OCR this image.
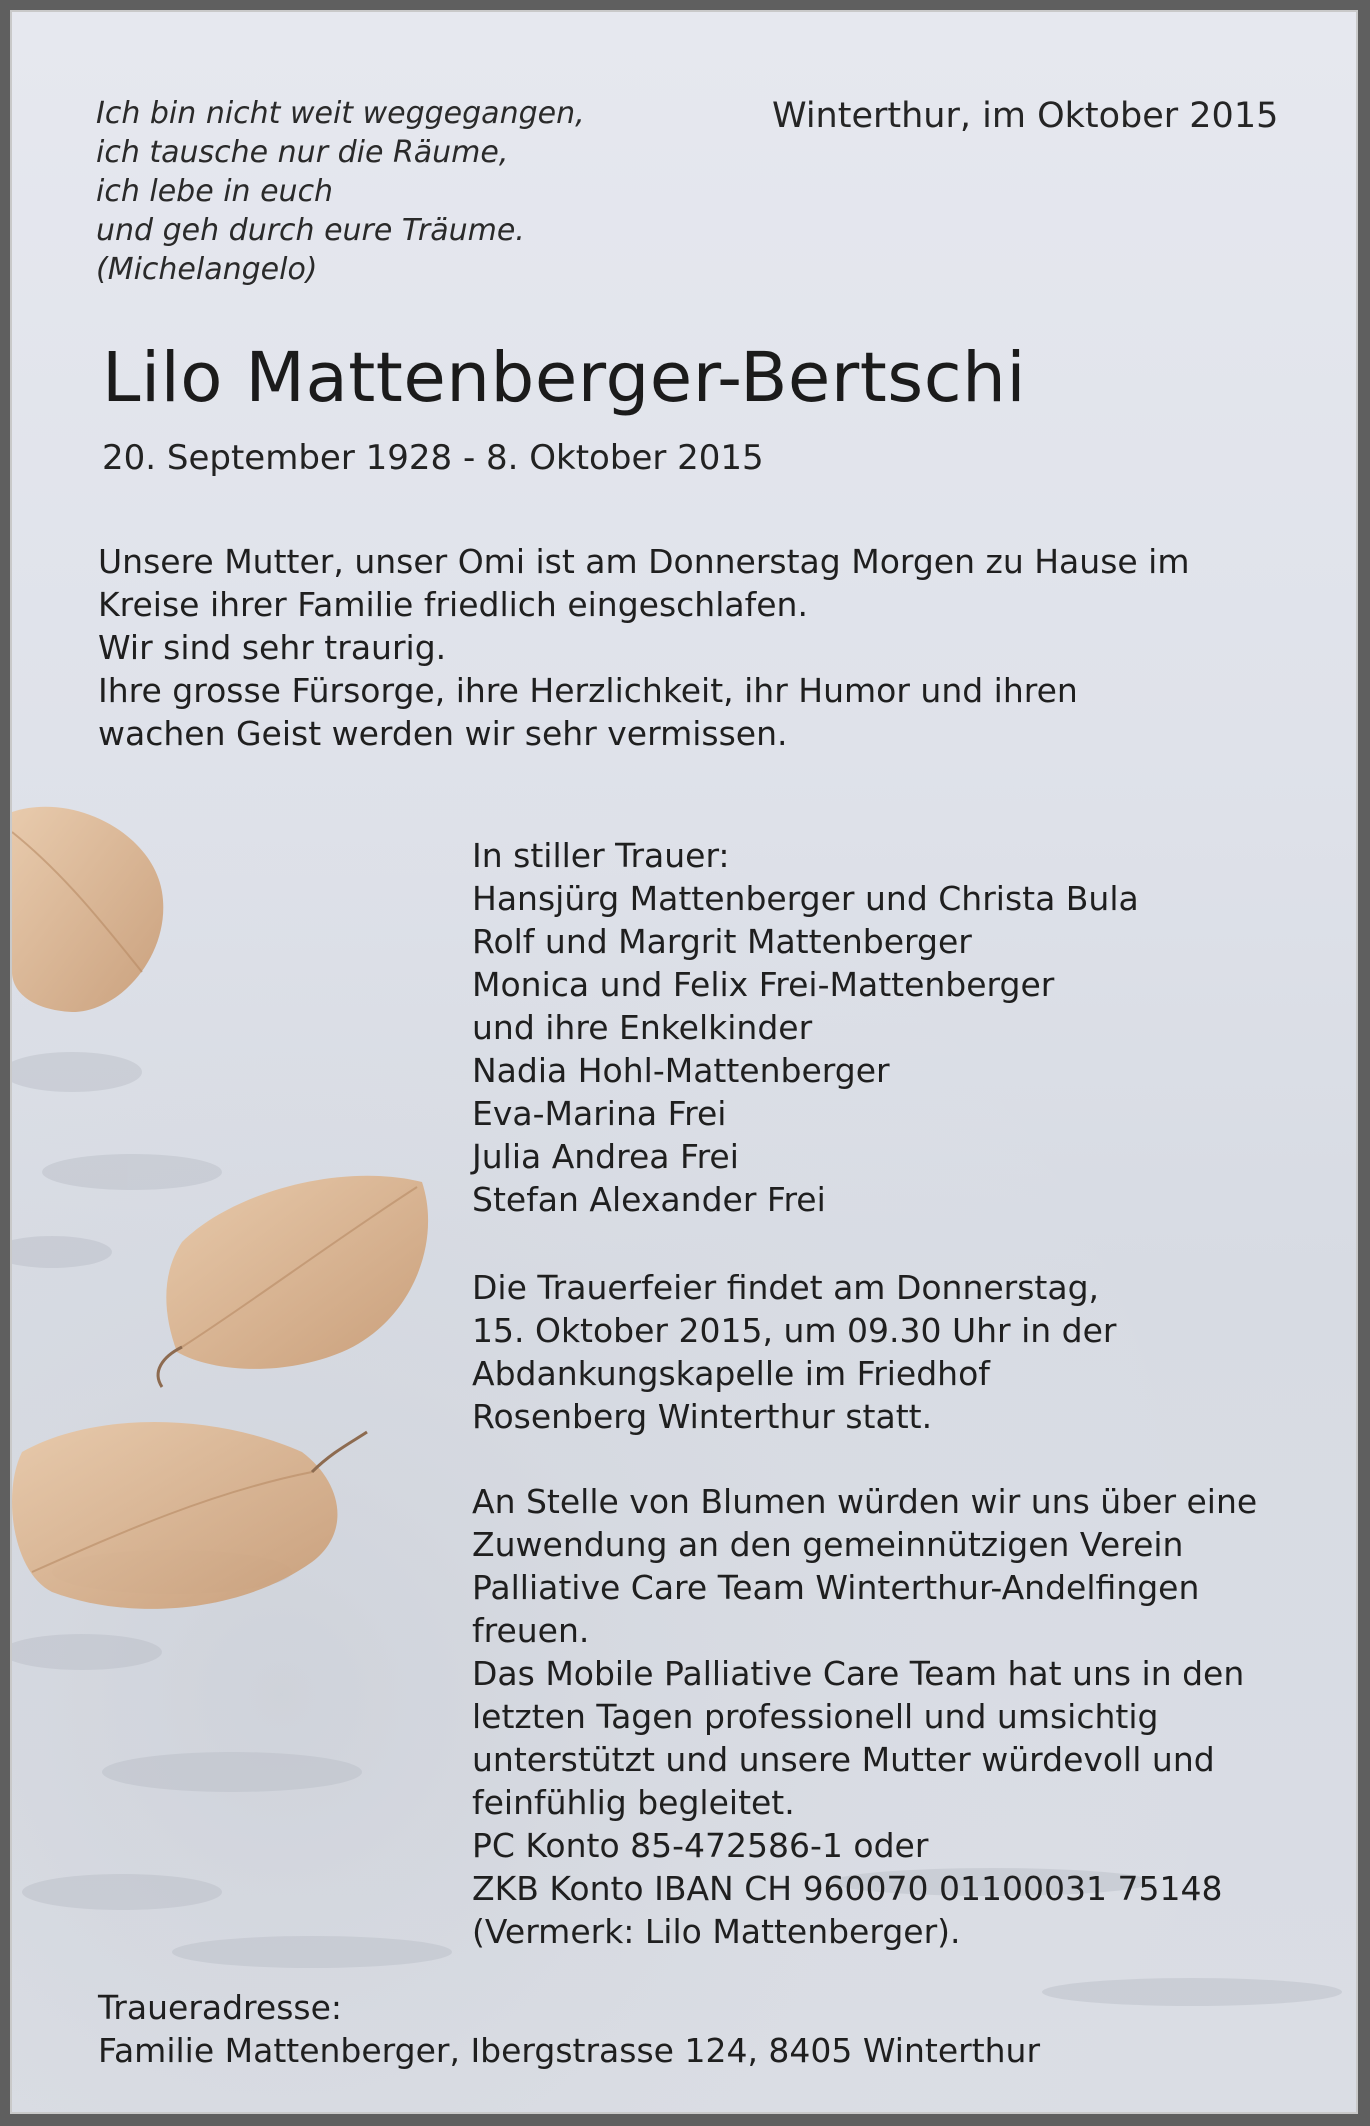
Ich bin nicht weit weggegangen,
ich tausche nur die Räume,
ich lebe in euch
und geh durch eure Träume.
(Michelangelo)
Winterthur, im Oktober 2015
Lilo Mattenberger-Bertschi
20. September 1928 - 8. Oktober 2015
Unsere Mutter, unser Omi ist am Donnerstag Morgen zu Hause im
Kreise ihrer Familie friedlich eingeschlafen.
Wir sind sehr traurig.
Ihre grosse Fürsorge, ihre Herzlichkeit, ihr Humor und ihren
wachen Geist werden wir sehr vermissen.
In stiller Trauer:
Hansjürg Mattenberger und Christa Bula
Rolf und Margrit Mattenberger
Monica und Felix Frei-Mattenberger
und ihre Enkelkinder
Nadia Hohl-Mattenberger
Eva-Marina Frei
Julia Andrea Frei
Stefan Alexander Frei
Die Trauerfeier findet am Donnerstag,
15. Oktober 2015, um 09.30 Uhr in der
Abdankungskapelle im Friedhof
Rosenberg Winterthur statt.
An Stelle von Blumen würden wir uns über eine
Zuwendung an den gemeinnützigen Verein
Palliative Care Team Winterthur-Andelfingen
freuen.
Das Mobile Palliative Care Team hat uns in den
letzten Tagen professionell und umsichtig
unterstützt und unsere Mutter würdevoll und
feinfühlig begleitet.
PC Konto 85-472586-1 oder
ZKB Konto IBAN CH 960070 01100031 75148
(Vermerk: Lilo Mattenberger).
Traueradresse:
Familie Mattenberger, Ibergstrasse 124, 8405 Winterthur
